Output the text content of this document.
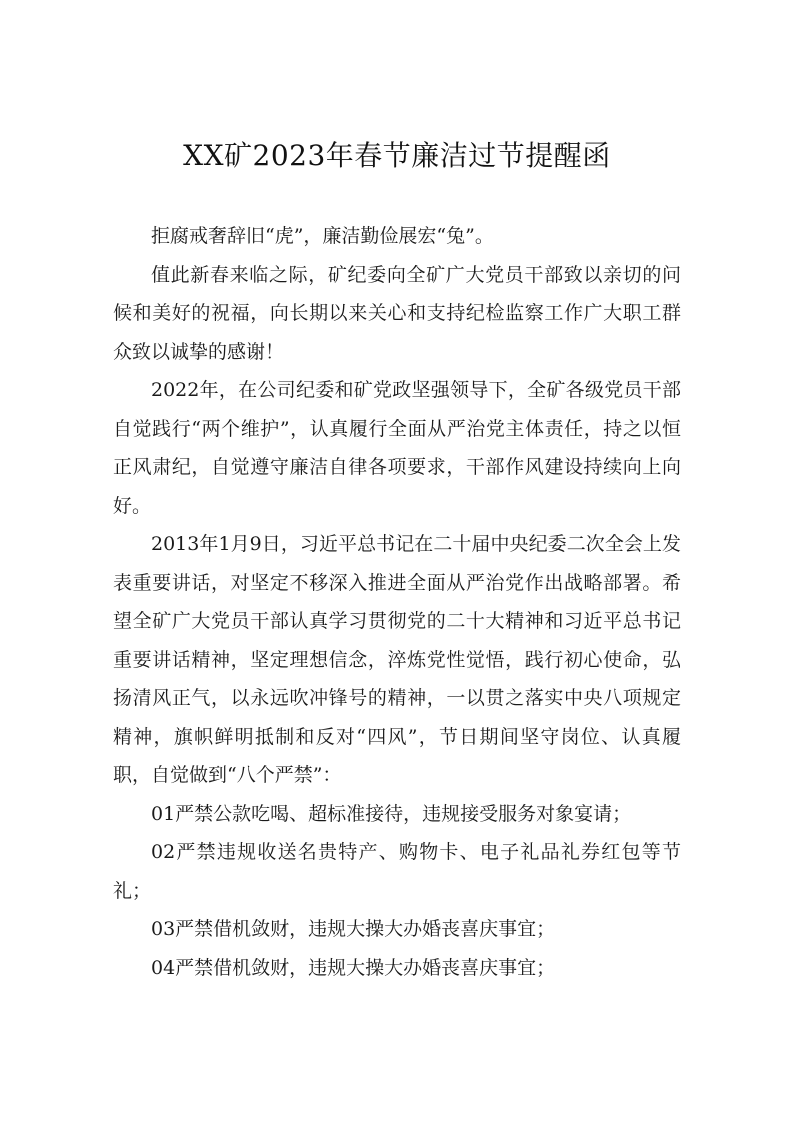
XX矿2023年春节廉洁过节提醒函

拒腐戒奢辞旧“虎”，廉洁勤俭展宏“兔”。

值此新春来临之际，矿纪委向全矿广大党员干部致以亲切的问候和美好的祝福，向长期以来关心和支持纪检监察工作广大职工群众致以诚挚的感谢！

2022年，在公司纪委和矿党政坚强领导下，全矿各级党员干部自觉践行“两个维护”，认真履行全面从严治党主体责任，持之以恒正风肃纪，自觉遵守廉洁自律各项要求，干部作风建设持续向上向好。

2013年1月9日，习近平总书记在二十届中央纪委二次全会上发表重要讲话，对坚定不移深入推进全面从严治党作出战略部署。希望全矿广大党员干部认真学习贯彻党的二十大精神和习近平总书记重要讲话精神，坚定理想信念，淬炼党性觉悟，践行初心使命，弘扬清风正气，以永远吹冲锋号的精神，一以贯之落实中央八项规定精神，旗帜鲜明抵制和反对“四风”，节日期间坚守岗位、认真履职，自觉做到“八个严禁”：

01严禁公款吃喝、超标准接待，违规接受服务对象宴请；

02严禁违规收送名贵特产、购物卡、电子礼品礼券红包等节礼；

03严禁借机敛财，违规大操大办婚丧喜庆事宜；

04严禁借机敛财，违规大操大办婚丧喜庆事宜；
